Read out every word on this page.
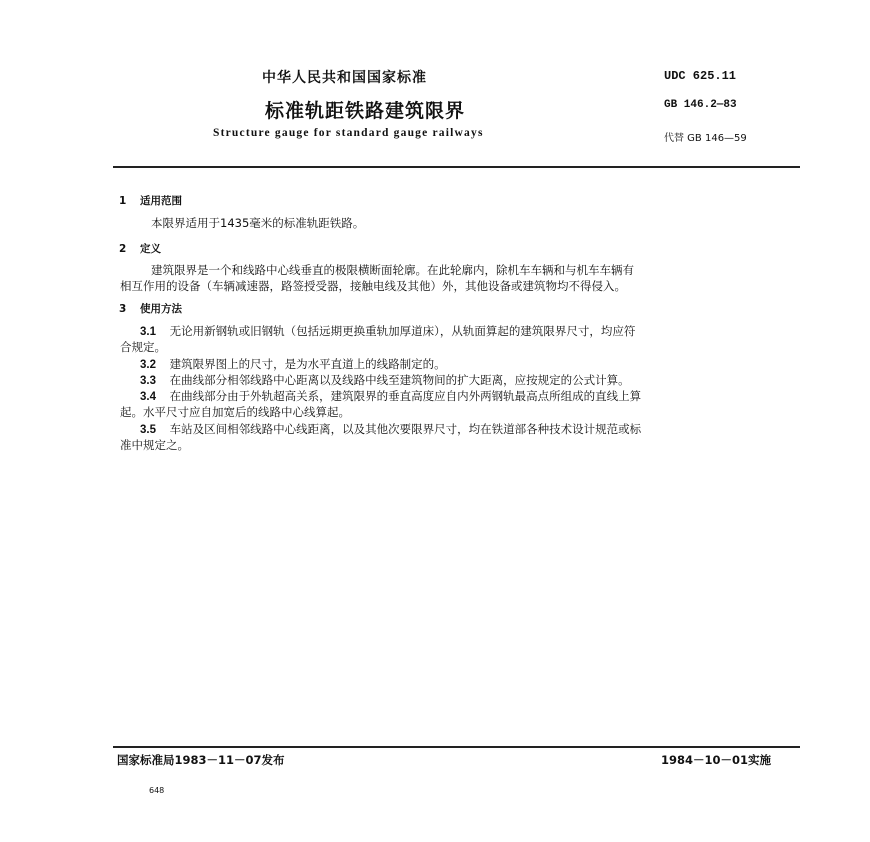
中华人民共和国国家标准
标准轨距铁路建筑限界
Structure gauge for standard gauge railways
UDC 625.11
GB 146.2—83
代替 GB 146—59
1 适用范围
本限界适用于1435毫米的标准轨距铁路。
2 定义
建筑限界是一个和线路中心线垂直的极限横断面轮廓。在此轮廓内，除机车车辆和与机车车辆有
相互作用的设备（车辆减速器，路签授受器，接触电线及其他）外，其他设备或建筑物均不得侵入。
3 使用方法
3.1 无论用新钢轨或旧钢轨（包括远期更换重轨加厚道床），从轨面算起的建筑限界尺寸，均应符
合规定。
3.2 建筑限界图上的尺寸，是为水平直道上的线路制定的。
3.3 在曲线部分相邻线路中心距离以及线路中线至建筑物间的扩大距离，应按规定的公式计算。
3.4 在曲线部分由于外轨超高关系，建筑限界的垂直高度应自内外两钢轨最高点所组成的直线上算
起。水平尺寸应自加宽后的线路中心线算起。
3.5 车站及区间相邻线路中心线距离，以及其他次要限界尺寸，均在铁道部各种技术设计规范或标
准中规定之。
国家标准局1983－11－07发布	1984－10－01实施
648
